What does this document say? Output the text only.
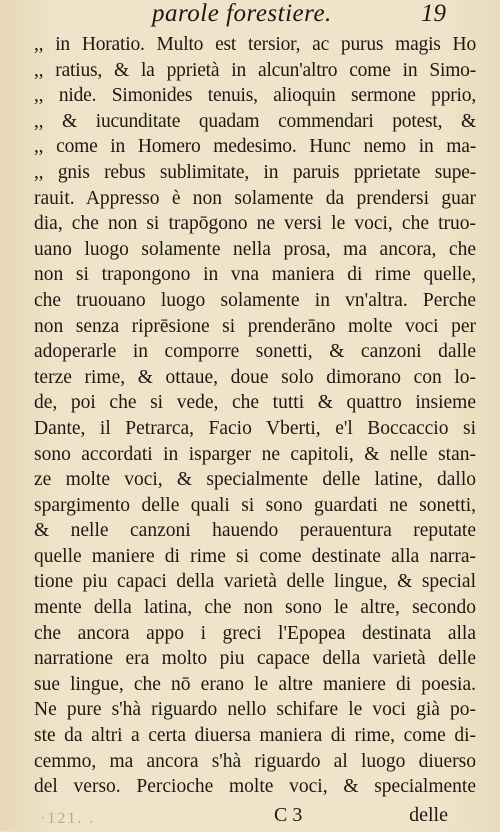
parole forestiere.	19
,, in Horatio. Multo est tersior, ac purus magis Ho
,, ratius, & la pprietà in alcun'altro come in Simo-
,, nide. Simonides tenuis, alioquin sermone pprio,
,, & iucunditate quadam commendari potest, &
,, come in Homero medesimo. Hunc nemo in ma-
,, gnis rebus sublimitate, in paruis pprietate supe-
rauit. Appresso è non solamente da prendersi guar
dia, che non si trapōgono ne versi le voci, che truo-
uano luogo solamente nella prosa, ma ancora, che
non si trapongono in vna maniera di rime quelle,
che truouano luogo solamente in vn'altra. Perche
non senza riprēsione si prenderāno molte voci per
adoperarle in comporre sonetti, & canzoni dalle
terze rime, & ottaue, doue solo dimorano con lo-
de, poi che si vede, che tutti & quattro insieme
Dante, il Petrarca, Facio Vberti, e'l Boccaccio si
sono accordati in isparger ne capitoli, & nelle stan-
ze molte voci, & specialmente delle latine, dallo
spargimento delle quali si sono guardati ne sonetti,
& nelle canzoni hauendo perauentura reputate
quelle maniere di rime si come destinate alla narra-
tione piu capaci della varietà delle lingue, & special
mente della latina, che non sono le altre, secondo
che ancora appo i greci l'Epopea destinata alla
narratione era molto piu capace della varietà delle
sue lingue, che nō erano le altre maniere di poesia.
Ne pure s'hà riguardo nello schifare le voci già po-
ste da altri a certa diuersa maniera di rime, come di-
cemmo, ma ancora s'hà riguardo al luogo diuerso
del verso. Percioche molte voci, & specialmente
·121. .	C 3	delle
